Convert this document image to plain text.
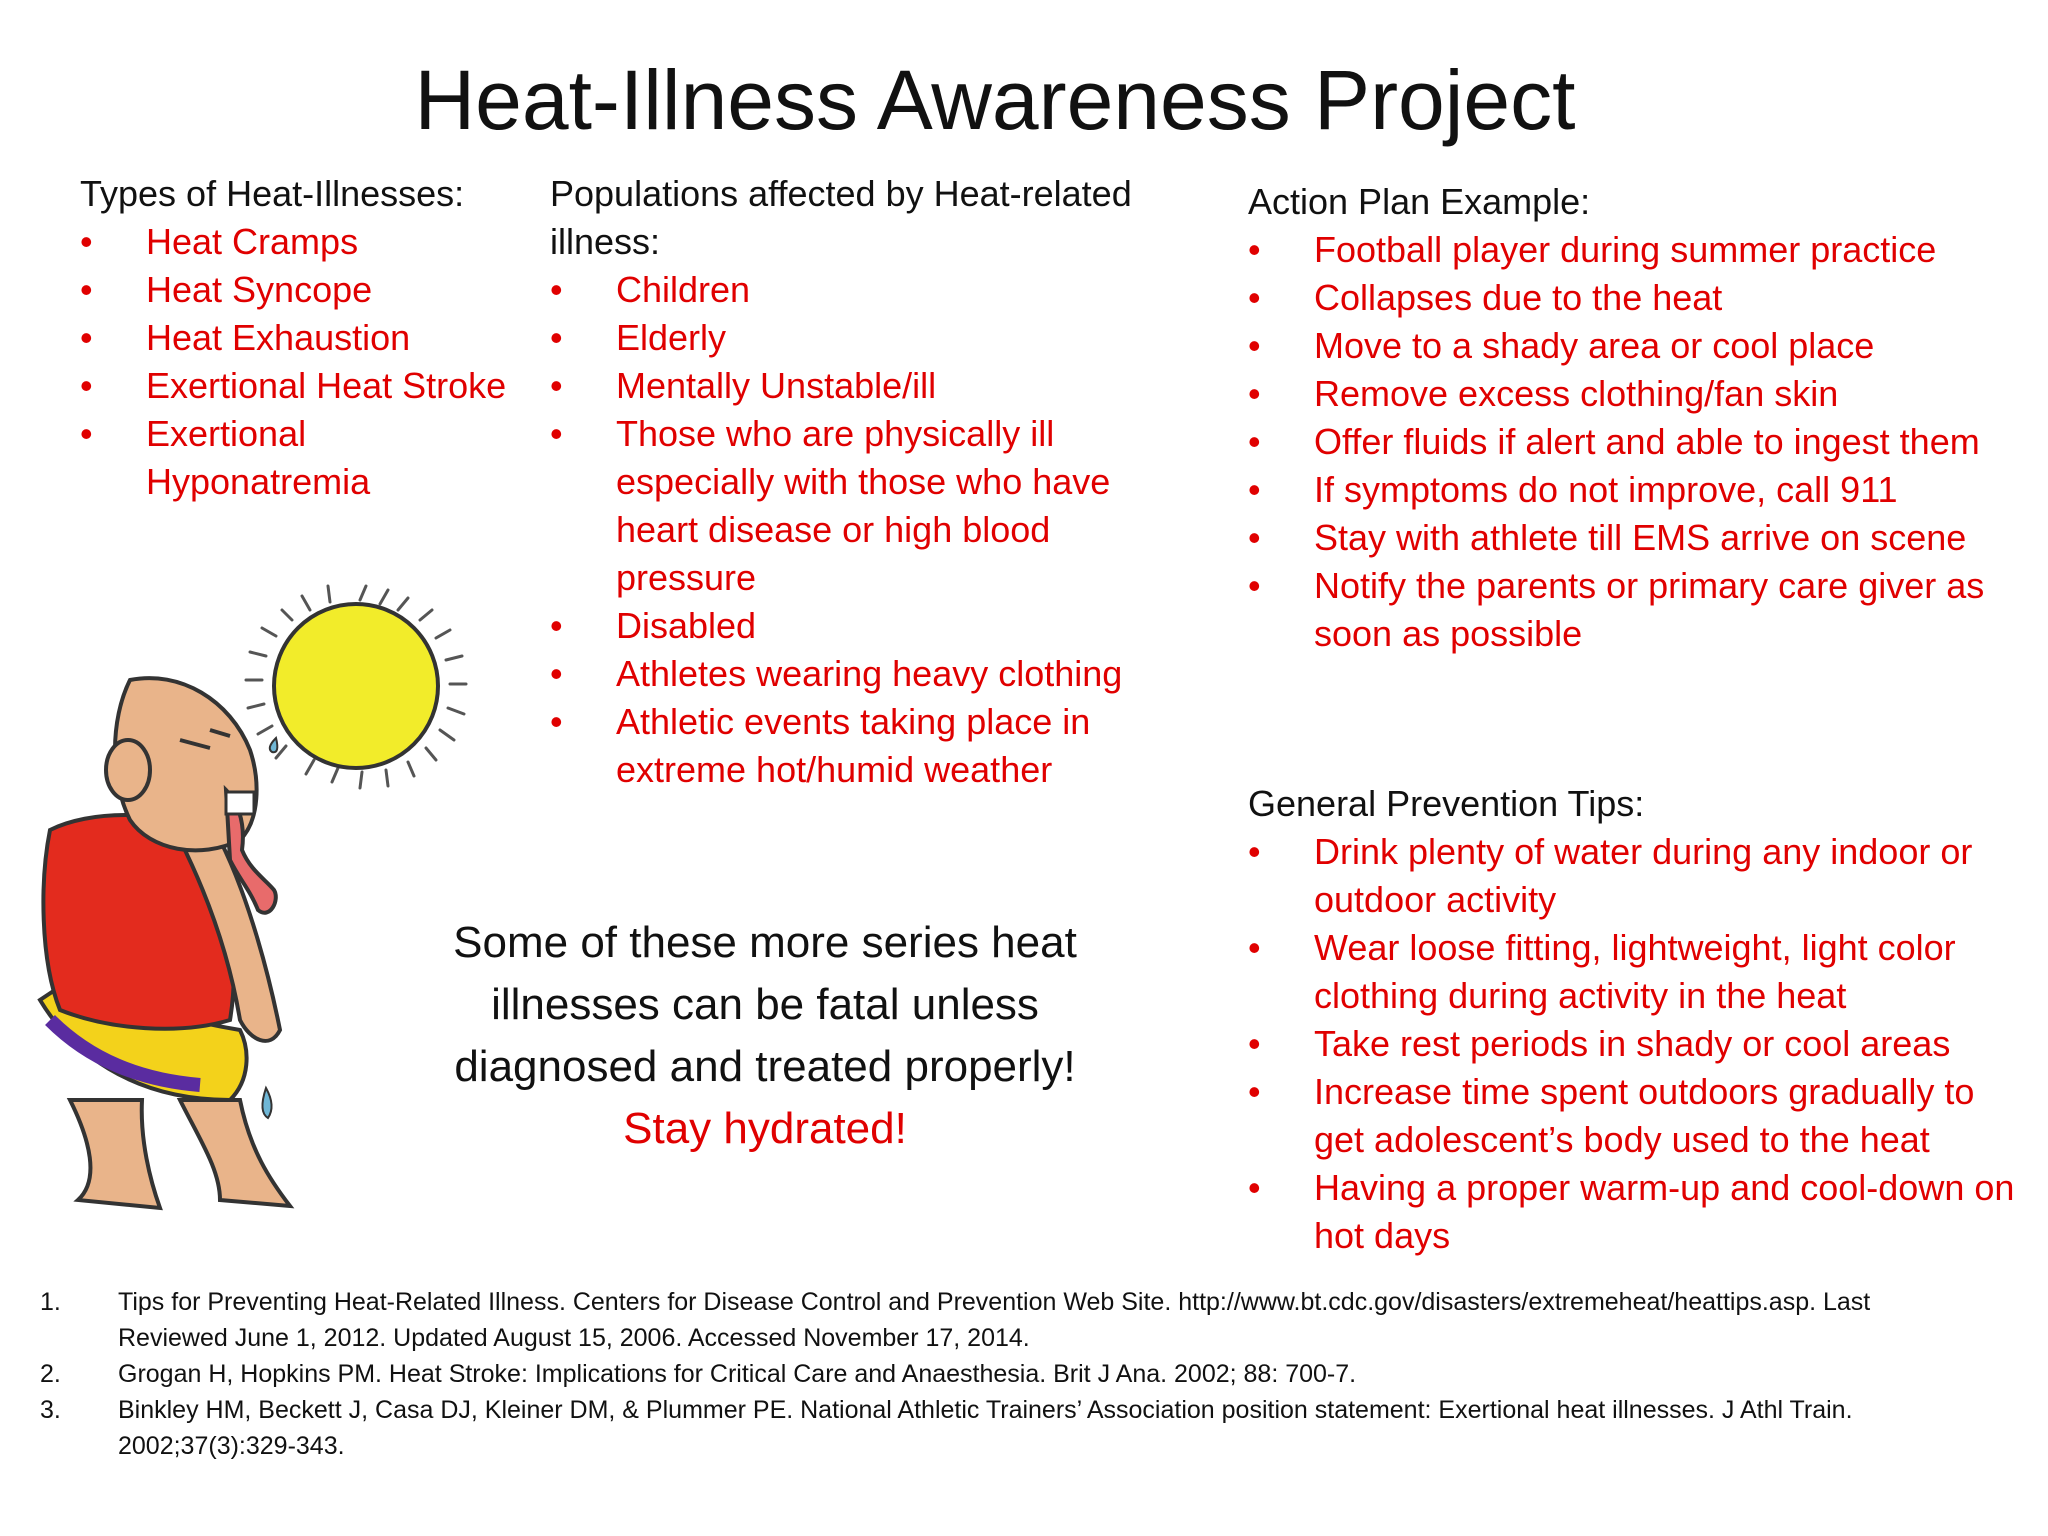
Heat-Illness Awareness Project
Types of Heat-Illnesses:
• Heat Cramps
• Heat Syncope
• Heat Exhaustion
• Exertional Heat Stroke
• Exertional Hyponatremia
Populations affected by Heat-related illness:
• Children
• Elderly
• Mentally Unstable/ill
• Those who are physically ill especially with those who have heart disease or high blood pressure
• Disabled
• Athletes wearing heavy clothing
• Athletic events taking place in extreme hot/humid weather
Action Plan Example:
• Football player during summer practice
• Collapses due to the heat
• Move to a shady area or cool place
• Remove excess clothing/fan skin
• Offer fluids if alert and able to ingest them
• If symptoms do not improve, call 911
• Stay with athlete till EMS arrive on scene
• Notify the parents or primary care giver as soon as possible
General Prevention Tips:
• Drink plenty of water during any indoor or outdoor activity
• Wear loose fitting, lightweight, light color clothing during activity in the heat
• Take rest periods in shady or cool areas
• Increase time spent outdoors gradually to get adolescent’s body used to the heat
• Having a proper warm-up and cool-down on hot days
Some of these more series heat illnesses can be fatal unless diagnosed and treated properly!
Stay hydrated!
1. Tips for Preventing Heat-Related Illness. Centers for Disease Control and Prevention Web Site. http://www.bt.cdc.gov/disasters/extremeheat/heattips.asp. Last Reviewed June 1, 2012. Updated August 15, 2006. Accessed November 17, 2014.
2. Grogan H, Hopkins PM. Heat Stroke: Implications for Critical Care and Anaesthesia. Brit J Ana. 2002; 88: 700-7.
3. Binkley HM, Beckett J, Casa DJ, Kleiner DM, & Plummer PE. National Athletic Trainers’ Association position statement: Exertional heat illnesses. J Athl Train. 2002;37(3):329-343.
